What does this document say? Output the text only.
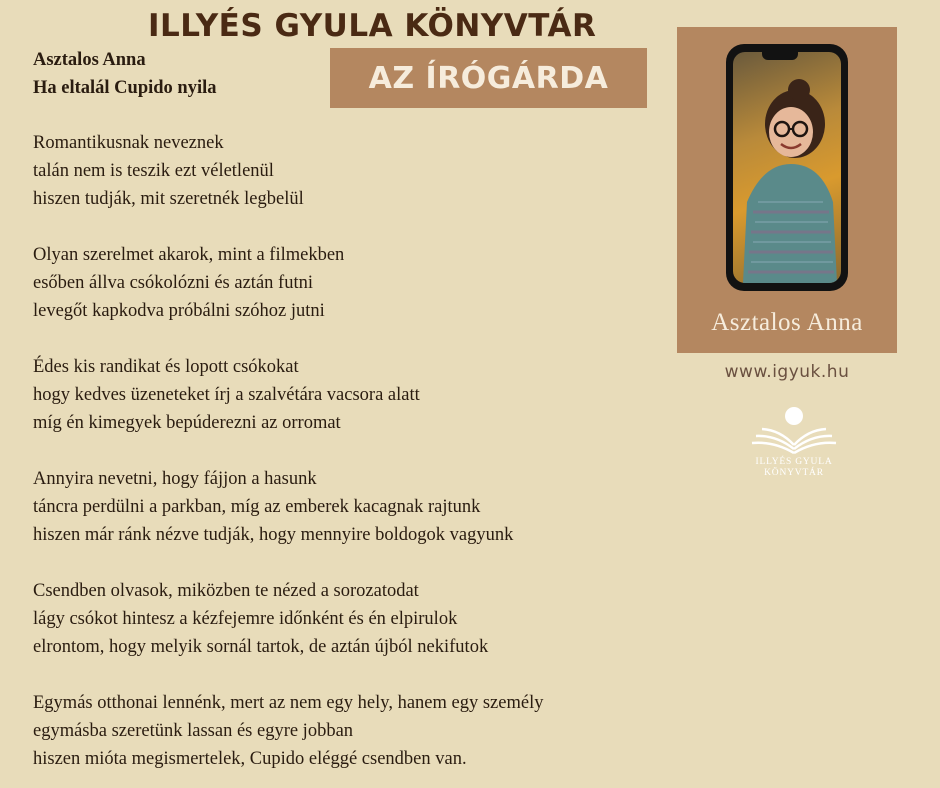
ILLYÉS GYULA KÖNYVTÁR
AZ ÍRÓGÁRDA
Asztalos Anna
Ha eltalál Cupido nyila
Romantikusnak neveznek
talán nem is teszik ezt véletlenül
hiszen tudják, mit szeretnék legbelül
Olyan szerelmet akarok, mint a filmekben
esőben állva csókolózni és aztán futni
levegőt kapkodva próbálni szóhoz jutni
Édes kis randikat és lopott csókokat
hogy kedves üzeneteket írj a szalvétára vacsora alatt
míg én kimegyek bepúderezni az orromat
Annyira nevetni, hogy fájjon a hasunk
táncra perdülni a parkban, míg az emberek kacagnak rajtunk
hiszen már ránk nézve tudják, hogy mennyire boldogok vagyunk
Csendben olvasok, miközben te nézed a sorozatodat
lágy csókot hintesz a kézfejemre időnként és én elpirulok
elrontom, hogy melyik sornál tartok, de aztán újból nekifutok
Egymás otthonai lennénk, mert az nem egy hely, hanem egy személy
egymásba szeretünk lassan és egyre jobban
hiszen mióta megismertelek, Cupido eléggé csendben van.
Asztalos Anna
www.igyuk.hu
ILLYÉS GYULA
KÖNYVTÁR
